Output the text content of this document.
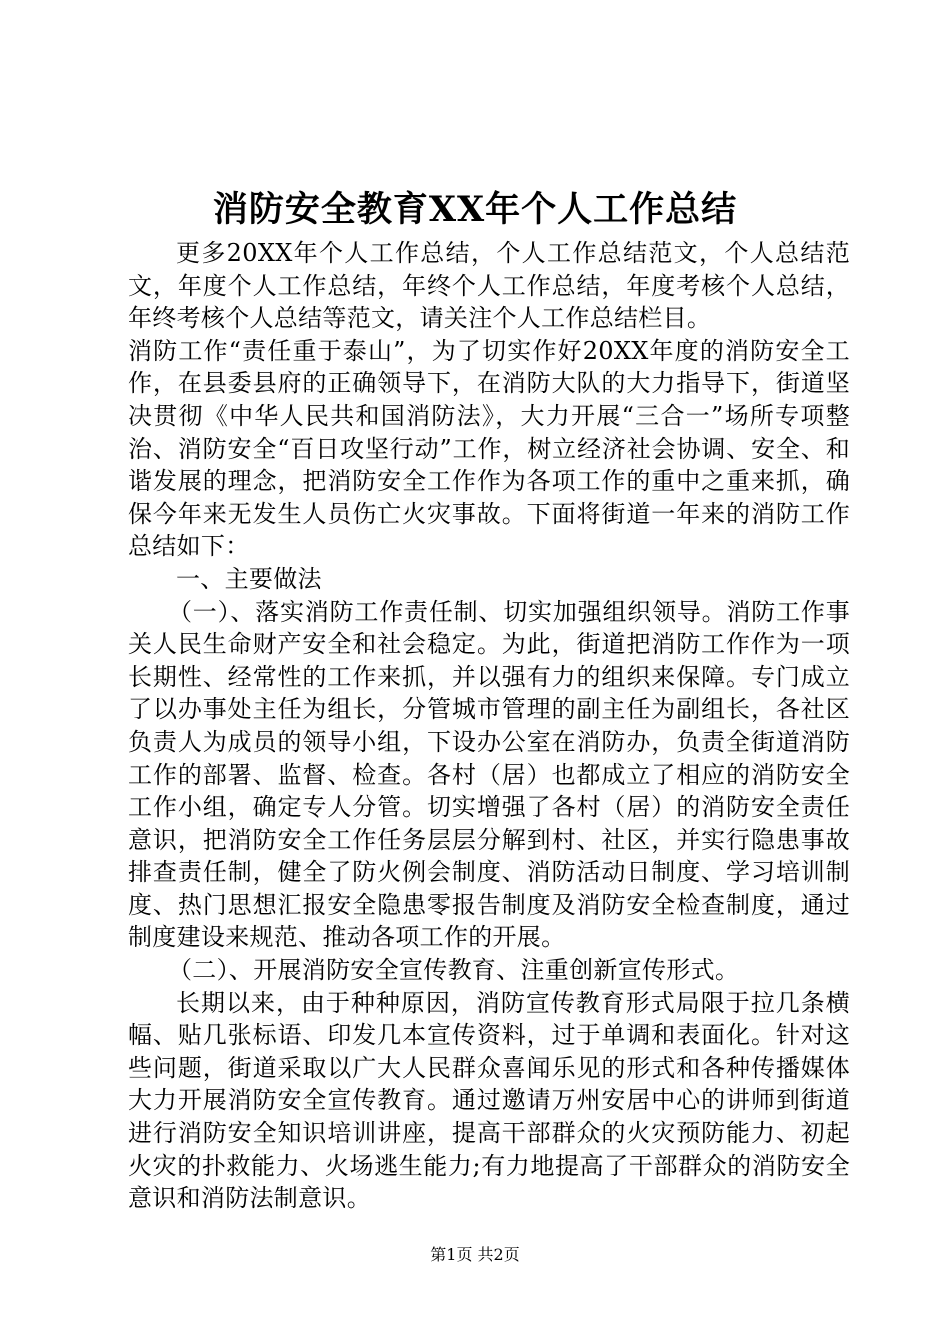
消防安全教育XX年个人工作总结

更多20XX年个人工作总结，个人工作总结范文，个人总结范文，年度个人工作总结，年终个人工作总结，年度考核个人总结，年终考核个人总结等范文，请关注个人工作总结栏目。

消防工作“责任重于泰山”，为了切实作好20XX年度的消防安全工作，在县委县府的正确领导下，在消防大队的大力指导下，街道坚决贯彻《中华人民共和国消防法》，大力开展“三合一”场所专项整治、消防安全“百日攻坚行动”工作，树立经济社会协调、安全、和谐发展的理念，把消防安全工作作为各项工作的重中之重来抓，确保今年来无发生人员伤亡火灾事故。下面将街道一年来的消防工作总结如下：

一、主要做法

（一）、落实消防工作责任制、切实加强组织领导。消防工作事关人民生命财产安全和社会稳定。为此，街道把消防工作作为一项长期性、经常性的工作来抓，并以强有力的组织来保障。专门成立了以办事处主任为组长，分管城市管理的副主任为副组长，各社区负责人为成员的领导小组，下设办公室在消防办，负责全街道消防工作的部署、监督、检查。各村（居）也都成立了相应的消防安全工作小组，确定专人分管。切实增强了各村（居）的消防安全责任意识，把消防安全工作任务层层分解到村、社区，并实行隐患事故排查责任制，健全了防火例会制度、消防活动日制度、学习培训制度、热门思想汇报安全隐患零报告制度及消防安全检查制度，通过制度建设来规范、推动各项工作的开展。

（二）、开展消防安全宣传教育、注重创新宣传形式。

长期以来，由于种种原因，消防宣传教育形式局限于拉几条横幅、贴几张标语、印发几本宣传资料，过于单调和表面化。针对这些问题，街道采取以广大人民群众喜闻乐见的形式和各种传播媒体大力开展消防安全宣传教育。通过邀请万州安居中心的讲师到街道进行消防安全知识培训讲座，提高干部群众的火灾预防能力、初起火灾的扑救能力、火场逃生能力;有力地提高了干部群众的消防安全意识和消防法制意识。

第1页 共2页
